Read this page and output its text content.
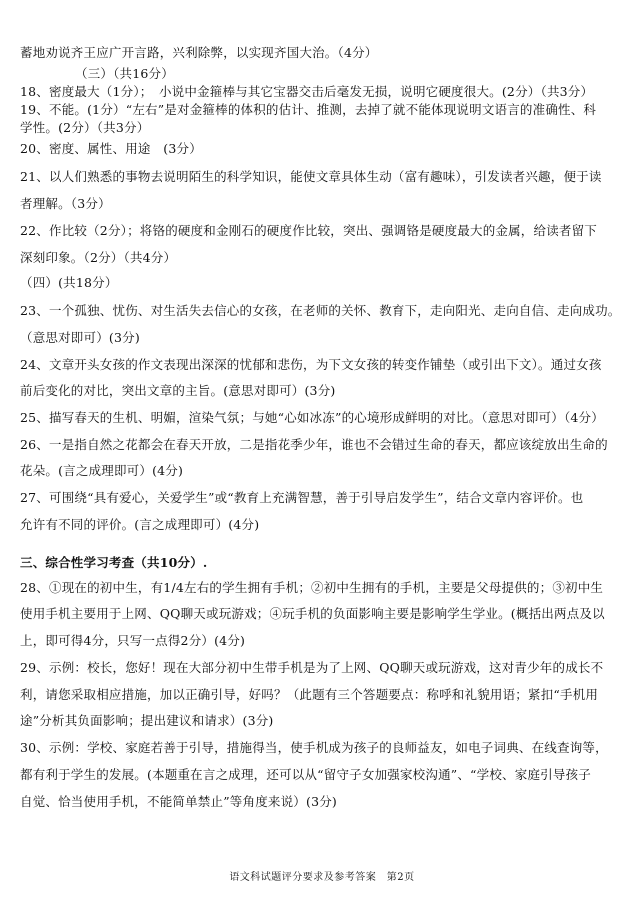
蓄地劝说齐王应广开言路，兴利除弊，以实现齐国大治。（4分）
（三）（共16分）
18、密度最大（1分）；　小说中金箍棒与其它宝器交击后毫发无损，说明它硬度很大。(2分）（共3分）
19、不能。(1分）“左右”是对金箍棒的体积的估计、推测，去掉了就不能体现说明文语言的准确性、科
学性。(2分）（共3分）
20、密度、属性、用途　(3分）
21、以人们熟悉的事物去说明陌生的科学知识，能使文章具体生动（富有趣味），引发读者兴趣，便于读
者理解。（3分）
22、作比较（2分）；将铬的硬度和金刚石的硬度作比较，突出、强调铬是硬度最大的金属，给读者留下
深刻印象。（2分）（共4分）
（四）(共18分）
23、一个孤独、忧伤、对生活失去信心的女孩，在老师的关怀、教育下，走向阳光、走向自信、走向成功。
（意思对即可）(3分)
24、文章开头女孩的作文表现出深深的忧郁和悲伤，为下文女孩的转变作铺垫（或引出下文）。通过女孩
前后变化的对比，突出文章的主旨。(意思对即可）(3分)
25、描写春天的生机、明媚，渲染气氛；与她“心如冰冻”的心境形成鲜明的对比。（意思对即可）（4分）
26、一是指自然之花都会在春天开放，二是指花季少年，谁也不会错过生命的春天，都应该绽放出生命的
花朵。(言之成理即可）(4分)
27、可围绕“具有爱心，关爱学生”或“教育上充满智慧，善于引导启发学生”，结合文章内容评价。也
允许有不同的评价。(言之成理即可）(4分)
三、综合性学习考查（共10分）.
28、①现在的初中生，有1/4左右的学生拥有手机；②初中生拥有的手机，主要是父母提供的；③初中生
使用手机主要用于上网、QQ聊天或玩游戏；④玩手机的负面影响主要是影响学生学业。(概括出两点及以
上，即可得4分，只写一点得2分）(4分)
29、示例：校长，您好！现在大部分初中生带手机是为了上网、QQ聊天或玩游戏，这对青少年的成长不
利，请您采取相应措施，加以正确引导，好吗？（此题有三个答题要点：称呼和礼貌用语；紧扣“手机用
途”分析其负面影响；提出建议和请求）(3分)
30、示例：学校、家庭若善于引导，措施得当，使手机成为孩子的良师益友，如电子词典、在线查询等，
都有利于学生的发展。(本题重在言之成理，还可以从“留守子女加强家校沟通”、“学校、家庭引导孩子
自觉、恰当使用手机，不能简单禁止”等角度来说）(3分)
语文科试题评分要求及参考答案　第2页
